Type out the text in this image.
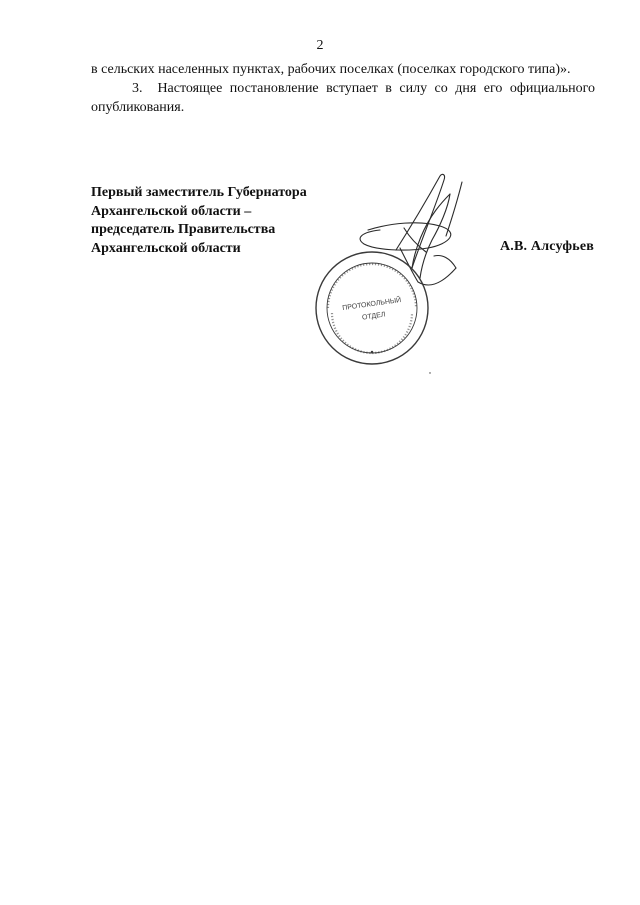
2

в сельских населенных пунктах, рабочих поселках (поселках городского типа)».

3.  Настоящее постановление вступает в силу со дня его официального опубликования.

Первый заместитель Губернатора
Архангельской области –
председатель Правительства
Архангельской области	А.В. Алсуфьев
ПРОТОКОЛЬНЫЙ
ОТДЕЛ
